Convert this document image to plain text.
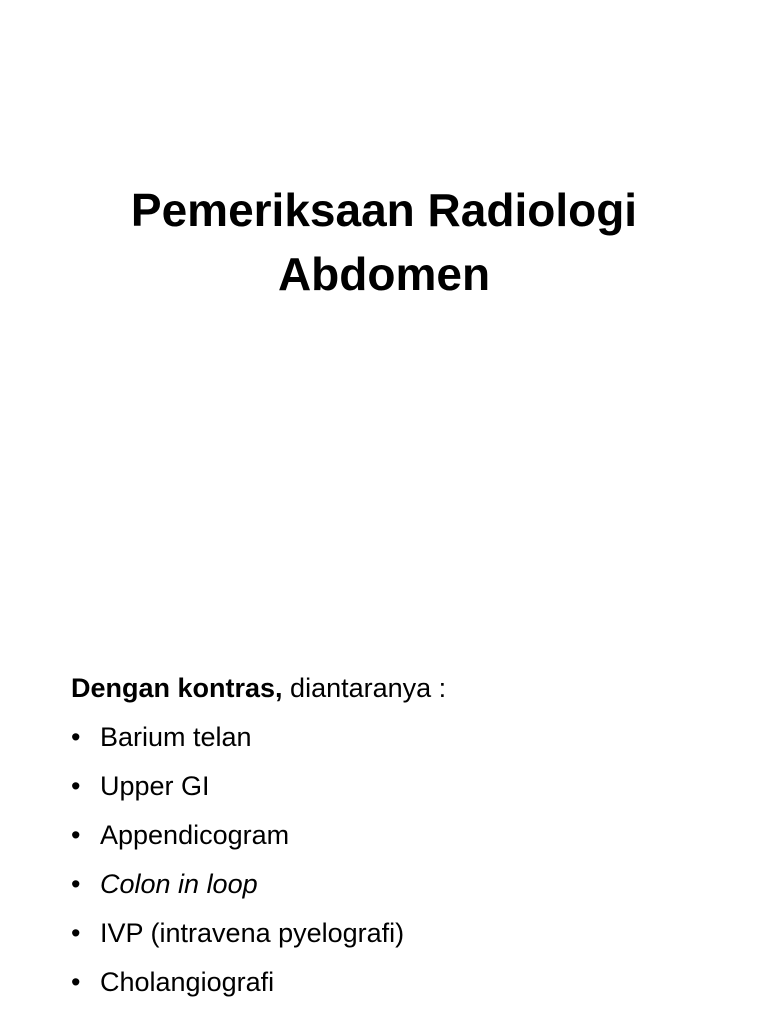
Pemeriksaan Radiologi
Abdomen
Dengan kontras, diantaranya :
• Barium telan
• Upper GI
• Appendicogram
• Colon in loop
• IVP (intravena pyelografi)
• Cholangiografi
